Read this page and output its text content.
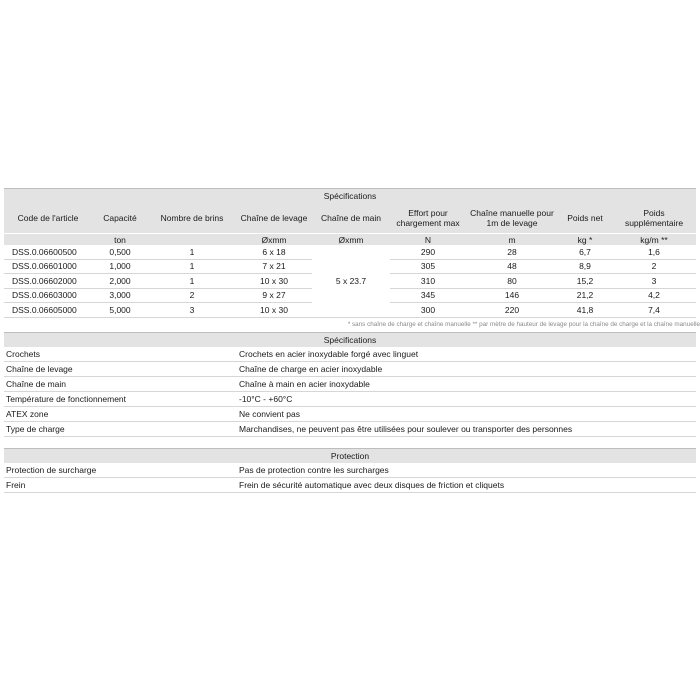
Spécifications
Code de l'article	Capacité	Nombre de brins	Chaîne de levage	Chaîne de main	Effort pour chargement max	Chaîne manuelle pour 1m de levage	Poids net	Poids supplémentaire
	ton		Øxmm	Øxmm	N	m	kg *	kg/m **
DSS.0.06600500	0,500	1	6 x 18	5 x 23.7	290	28	6,7	1,6
DSS.0.06601000	1,000	1	7 x 21		305	48	8,9	2
DSS.0.06602000	2,000	1	10 x 30		310	80	15,2	3
DSS.0.06603000	3,000	2	9 x 27		345	146	21,2	4,2
DSS.0.06605000	5,000	3	10 x 30		300	220	41,8	7,4
* sans chaîne de charge et chaîne manuelle ** par mètre de hauteur de levage pour la chaîne de charge et la chaîne manuelle
Spécifications
Crochets	Crochets en acier inoxydable forgé avec linguet
Chaîne de levage	Chaîne de charge en acier inoxydable
Chaîne de main	Chaîne à main en acier inoxydable
Température de fonctionnement	-10°C - +60°C
ATEX zone	Ne convient pas
Type de charge	Marchandises, ne peuvent pas être utilisées pour soulever ou transporter des personnes
Protection
Protection de surcharge	Pas de protection contre les surcharges
Frein	Frein de sécurité automatique avec deux disques de friction et cliquets
